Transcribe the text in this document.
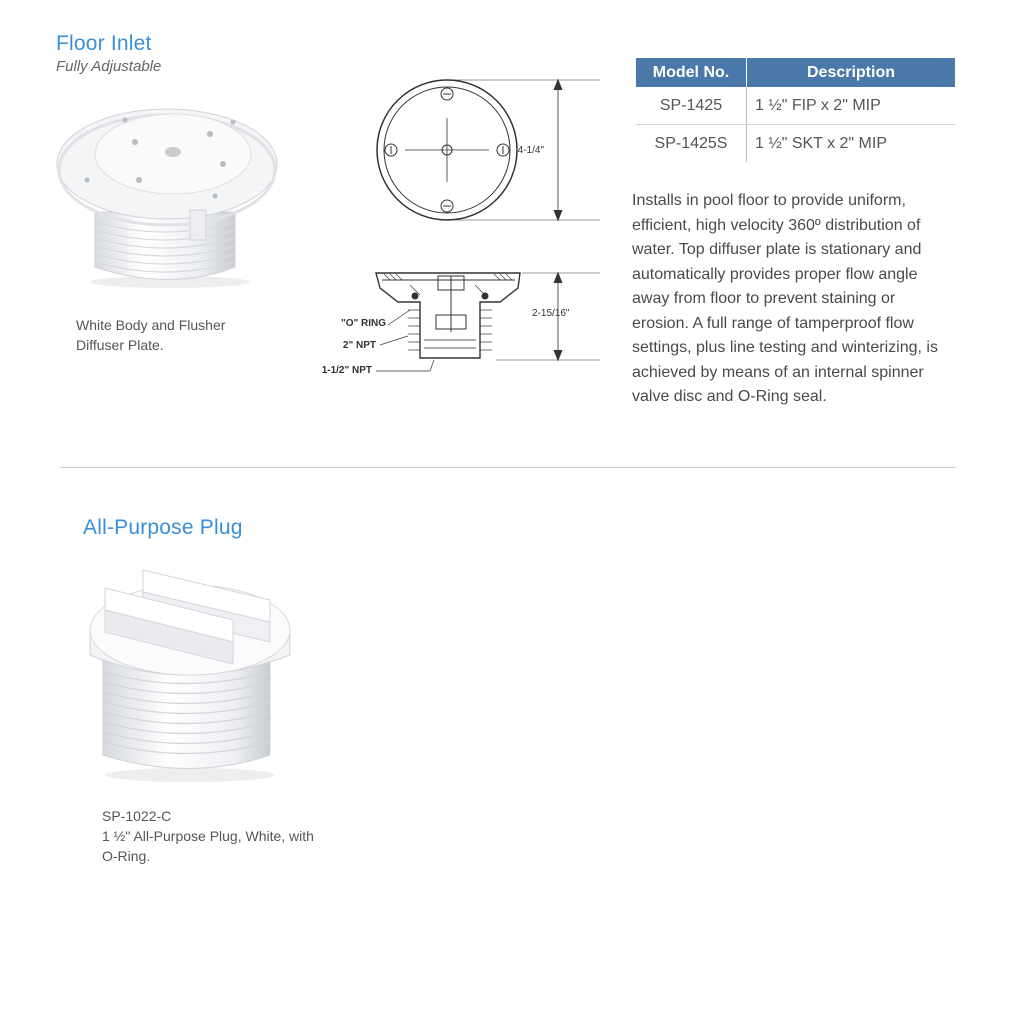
Floor Inlet
Fully Adjustable
White Body and Flusher
Diffuser Plate.
4-1/4"
2-15/16"
"O" RING
2" NPT
1-1/2" NPT
Model No.	Description
SP-1425	1 ½" FIP x 2" MIP
SP-1425S	1 ½" SKT x 2" MIP
Installs in pool floor to provide uniform,
efficient, high velocity 360º distribution of
water. Top diffuser plate is stationary and
automatically provides proper flow angle
away from floor to prevent staining or
erosion. A full range of tamperproof flow
settings, plus line testing and winterizing, is
achieved by means of an internal spinner
valve disc and O-Ring seal.
All-Purpose Plug
SP-1022-C
1 ½" All-Purpose Plug, White, with
O-Ring.
